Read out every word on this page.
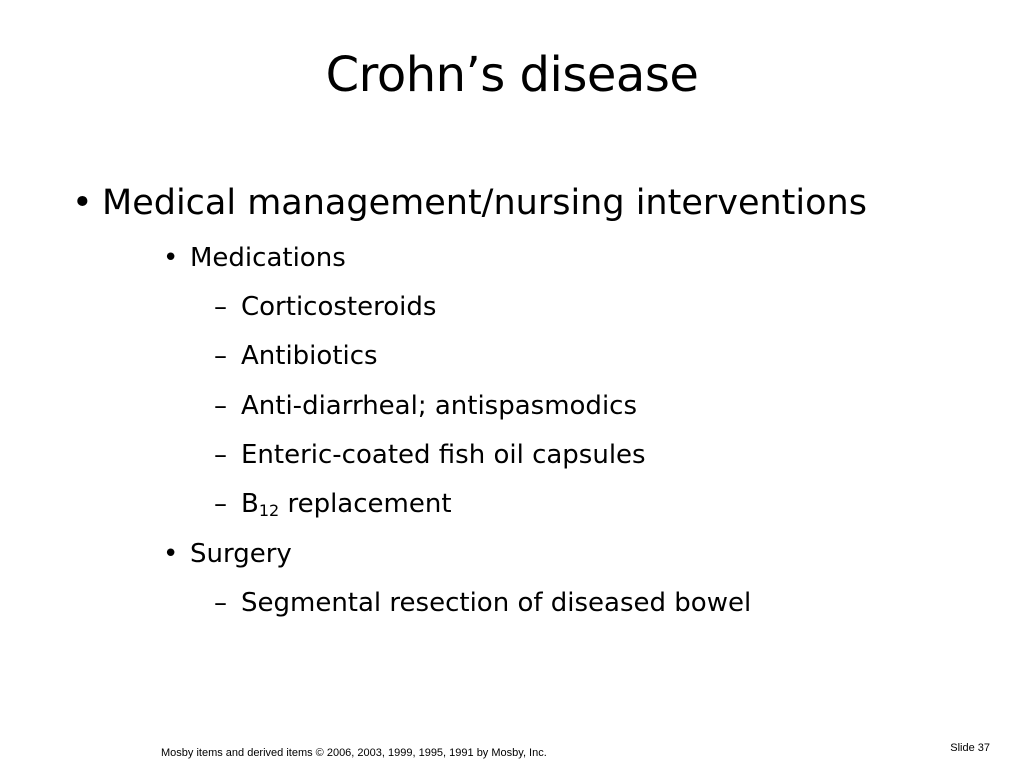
Crohn’s disease
• Medical management/nursing interventions
• Medications
– Corticosteroids
– Antibiotics
– Anti-diarrheal; antispasmodics
– Enteric-coated fish oil capsules
– $B_{12}$ replacement
• Surgery
– Segmental resection of diseased bowel
Mosby items and derived items © 2006, 2003, 1999, 1995, 1991 by Mosby, Inc.	Slide 37
